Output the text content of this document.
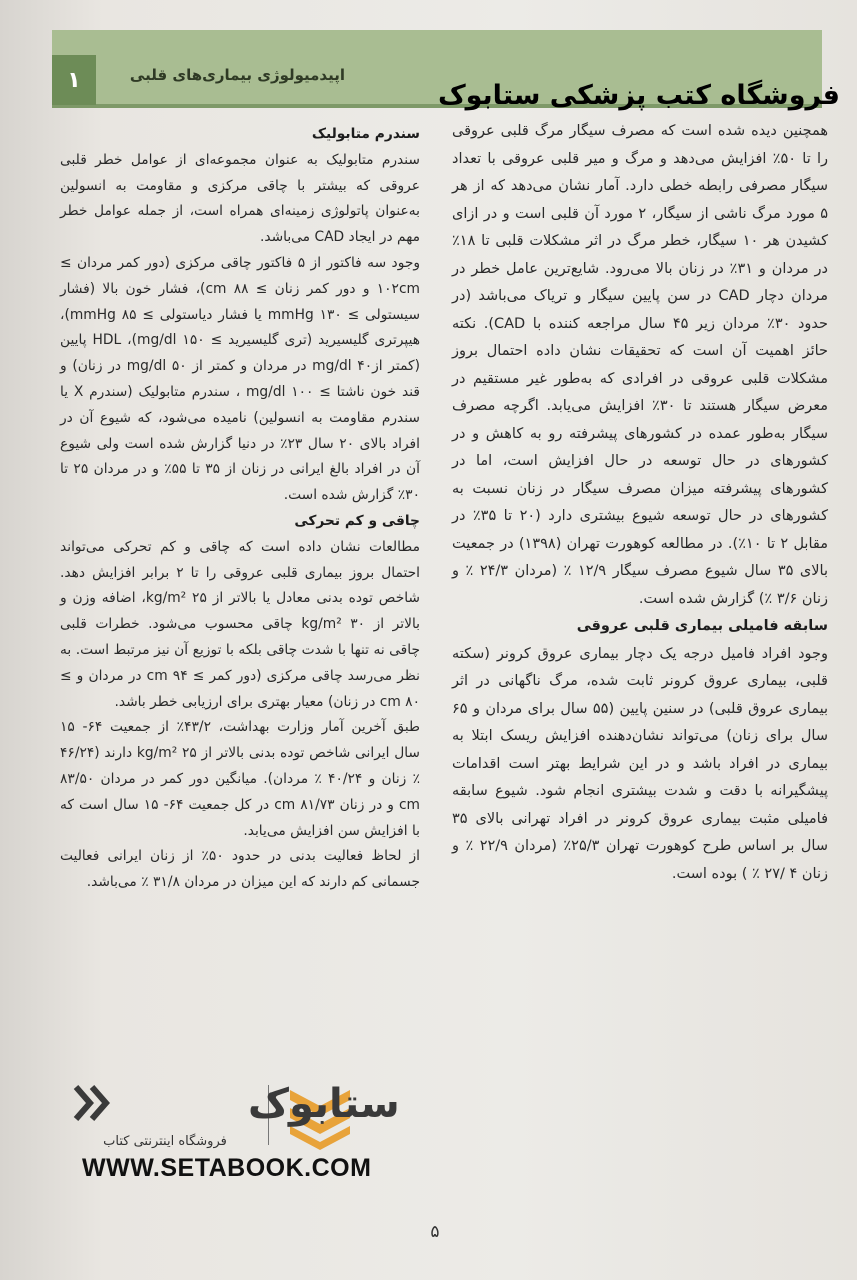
۱	اپیدمیولوژی بیماری‌های قلبی
فروشگاه کتب پزشکی ستابوک

همچنین دیده شده است که مصرف سیگار مرگ قلبی عروقی را تا ۵۰٪ افزایش می‌دهد و مرگ و میر قلبی عروقی با تعداد سیگار مصرفی رابطه خطی دارد. آمار نشان می‌دهد که از هر ۵ مورد مرگ ناشی از سیگار، ۲ مورد آن قلبی است و در ازای کشیدن هر ۱۰ سیگار، خطر مرگ در اثر مشکلات قلبی تا ۱۸٪ در مردان و ۳۱٪ در زنان بالا می‌رود. شایع‌ترین عامل خطر در مردان دچار CAD در سن پایین سیگار و تریاک می‌باشد (در حدود ۳۰٪ مردان زیر ۴۵ سال مراجعه کننده با CAD). نکته حائز اهمیت آن است که تحقیقات نشان داده احتمال بروز مشکلات قلبی عروقی در افرادی که به‌طور غیر مستقیم در معرض سیگار هستند تا ۳۰٪ افزایش می‌یابد. اگرچه مصرف سیگار به‌طور عمده در کشورهای پیشرفته رو به کاهش و در کشورهای در حال توسعه در حال افزایش است، اما در کشورهای پیشرفته میزان مصرف سیگار در زنان نسبت به کشورهای در حال توسعه شیوع بیشتری دارد (۲۰ تا ۳۵٪ در مقابل ۲ تا ۱۰٪). در مطالعه کوهورت تهران (۱۳۹۸) در جمعیت بالای ۳۵ سال شیوع مصرف سیگار ۱۲/۹ ٪ (مردان ۲۴/۳ ٪ و زنان ۳/۶ ٪) گزارش شده است.

سابقه فامیلی بیماری قلبی عروقی

وجود افراد فامیل درجه یک دچار بیماری عروق کرونر (سکته قلبی، بیماری عروق کرونر ثابت شده، مرگ ناگهانی در اثر بیماری عروق قلبی) در سنین پایین (۵۵ سال برای مردان و ۶۵ سال برای زنان) می‌تواند نشان‌دهنده افزایش ریسک ابتلا به بیماری در افراد باشد و در این شرایط بهتر است اقدامات پیشگیرانه با دقت و شدت بیشتری انجام شود. شیوع سابقه فامیلی مثبت بیماری عروق کرونر در افراد تهرانی بالای ۳۵ سال بر اساس طرح کوهورت تهران ۲۵/۳٪ (مردان ۲۲/۹ ٪ و زنان ۴ /۲۷ ٪ ) بوده است.

سندرم متابولیک

سندرم متابولیک به عنوان مجموعه‌ای از عوامل خطر قلبی عروقی که بیشتر با چاقی مرکزی و مقاومت به انسولین به‌عنوان پاتولوژی زمینه‌ای همراه است، از جمله عوامل خطر مهم در ایجاد CAD می‌باشد.

وجود سه فاکتور از ۵ فاکتور چاقی مرکزی (دور کمر مردان ≥ ۱۰۲cm و دور کمر زنان ≥ ۸۸ cm)، فشار خون بالا (فشار سیستولی ≥ ۱۳۰ mmHg یا فشار دیاستولی ≥ ۸۵ mmHg)، هیپرتری گلیسیرید (تری گلیسیرید ≥ ۱۵۰ mg/dl)، HDL پایین (کمتر از۴۰ mg/dl در مردان و کمتر از ۵۰ mg/dl در زنان) و قند خون ناشتا ≥ ۱۰۰ mg/dl ، سندرم متابولیک (سندرم X یا سندرم مقاومت به انسولین) نامیده می‌شود، که شیوع آن در افراد بالای ۲۰ سال ۲۳٪ در دنیا گزارش شده است ولی شیوع آن در افراد بالغ ایرانی در زنان از ۳۵ تا ۵۵٪ و در مردان ۲۵ تا ۳۰٪ گزارش شده است.

چاقی و کم تحرکی

مطالعات نشان داده است که چاقی و کم تحرکی می‌تواند احتمال بروز بیماری قلبی عروقی را تا ۲ برابر افزایش دهد. شاخص توده بدنی معادل یا بالاتر از ۲۵ kg/m²، اضافه وزن و بالاتر از ۳۰ kg/m² چاقی محسوب می‌شود. خطرات قلبی چاقی نه تنها با شدت چاقی بلکه با توزیع آن نیز مرتبط است. به نظر می‌رسد چاقی مرکزی (دور کمر ≥ ۹۴ cm در مردان و ≥ ۸۰ cm در زنان) معیار بهتری برای ارزیابی خطر باشد.

طبق آخرین آمار وزارت بهداشت، ۴۳/۲٪ از جمعیت ۶۴- ۱۵ سال ایرانی شاخص توده بدنی بالاتر از ۲۵ kg/m² دارند (۴۶/۲۴ ٪ زنان و ۴۰/۲۴ ٪ مردان). میانگین دور کمر در مردان ۸۳/۵۰ cm و در زنان ۸۱/۷۳ cm در کل جمعیت ۶۴- ۱۵ سال است که با افزایش سن افزایش می‌یابد.

از لحاظ فعالیت بدنی در حدود ۵۰٪ از زنان ایرانی فعالیت جسمانی کم دارند که این میزان در مردان ۳۱/۸ ٪ می‌باشد.

ستابوک
فروشگاه اینترنتی کتاب
WWW.SETABOOK.COM
۵
